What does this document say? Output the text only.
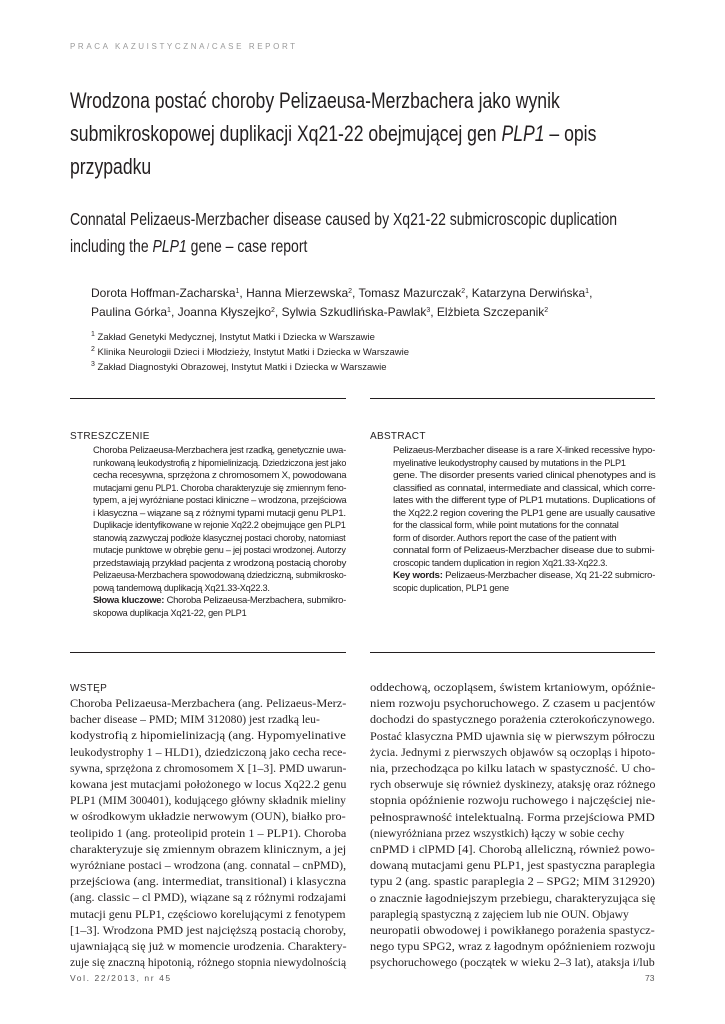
PRACA KAZUISTYCZNA/CASE REPORT
Wrodzona postać choroby Pelizaeusa-Merzbachera jako wynik
submikroskopowej duplikacji Xq21-22 obejmującej gen PLP1 – opis
przypadku
Connatal Pelizaeus-Merzbacher disease caused by Xq21-22 submicroscopic duplication
including the PLP1 gene – case report
Dorota Hoffman-Zacharska$^1$, Hanna Mierzewska$^2$, Tomasz Mazurczak$^2$, Katarzyna Derwińska$^1$,
Paulina Górka$^1$, Joanna Kłyszejko$^2$, Sylwia Szkudlińska-Pawlak$^3$, Elżbieta Szczepanik$^2$
$^1$ Zakład Genetyki Medycznej, Instytut Matki i Dziecka w Warszawie
$^2$ Klinika Neurologii Dzieci i Młodzieży, Instytut Matki i Dziecka w Warszawie
$^3$ Zakład Diagnostyki Obrazowej, Instytut Matki i Dziecka w Warszawie
STRESZCZENIE
Choroba Pelizaeusa-Merzbachera jest rzadką, genetycznie uwa-
runkowaną leukodystrofią z hipomielinizacją. Dziedziczona jest jako
cecha recesywna, sprzężona z chromosomem X, powodowana
mutacjami genu PLP1. Choroba charakteryzuje się zmiennym feno-
typem, a jej wyróżniane postaci kliniczne – wrodzona, przejściowa
i klasyczna – wiązane są z różnymi typami mutacji genu PLP1.
Duplikacje identyfikowane w rejonie Xq22.2 obejmujące gen PLP1
stanowią zazwyczaj podłoże klasycznej postaci choroby, natomiast
mutacje punktowe w obrębie genu – jej postaci wrodzonej. Autorzy
przedstawiają przykład pacjenta z wrodzoną postacią choroby
Pelizaeusa-Merzbachera spowodowaną dziedziczną, submikrosko-
pową tandemową duplikacją Xq21.33-Xq22.3.
Słowa kluczowe: Choroba Pelizaeusa-Merzbachera, submikro-
skopowa duplikacja Xq21-22, gen PLP1
ABSTRACT
Pelizaeus-Merzbacher disease is a rare X-linked recessive hypo-
myelinative leukodystrophy caused by mutations in the PLP1
gene. The disorder presents varied clinical phenotypes and is
classified as connatal, intermediate and classical, which corre-
lates with the different type of PLP1 mutations. Duplications of
the Xq22.2 region covering the PLP1 gene are usually causative
for the classical form, while point mutations for the connatal
form of disorder. Authors report the case of the patient with
connatal form of Pelizaeus-Merzbacher disease due to submi-
croscopic tandem duplication in region Xq21.33-Xq22.3.
Key words: Pelizaeus-Merzbacher disease, Xq 21-22 submicro-
scopic duplication, PLP1 gene
WSTĘP
Choroba Pelizaeusa-Merzbachera (ang. Pelizaeus-Merz-
bacher disease – PMD; MIM 312080) jest rzadką leu-
kodystrofią z hipomielinizacją (ang. Hypomyelinative
leukodystrophy 1 – HLD1), dziedziczoną jako cecha rece-
sywna, sprzężona z chromosomem X [1–3]. PMD uwarun-
kowana jest mutacjami położonego w locus Xq22.2 genu
PLP1 (MIM 300401), kodującego główny składnik mieliny
w ośrodkowym układzie nerwowym (OUN), białko pro-
teolipido 1 (ang. proteolipid protein 1 – PLP1). Choroba
charakteryzuje się zmiennym obrazem klinicznym, a jej
wyróżniane postaci – wrodzona (ang. connatal – cnPMD),
przejściowa (ang. intermediat, transitional) i klasyczna
(ang. classic – cl PMD), wiązane są z różnymi rodzajami
mutacji genu PLP1, częściowo korelującymi z fenotypem
[1–3]. Wrodzona PMD jest najcięższą postacią choroby,
ujawniającą się już w momencie urodzenia. Charaktery-
zuje się znaczną hipotonią, różnego stopnia niewydolnością
oddechową, oczopląsem, świstem krtaniowym, opóźnie-
niem rozwoju psychoruchowego. Z czasem u pacjentów
dochodzi do spastycznego porażenia czterokończynowego.
Postać klasyczna PMD ujawnia się w pierwszym półroczu
życia. Jednymi z pierwszych objawów są oczopląs i hipoto-
nia, przechodząca po kilku latach w spastyczność. U cho-
rych obserwuje się również dyskinezy, ataksję oraz różnego
stopnia opóźnienie rozwoju ruchowego i najczęściej nie-
pełnosprawność intelektualną. Forma przejściowa PMD
(niewyróżniana przez wszystkich) łączy w sobie cechy
cnPMD i clPMD [4]. Chorobą alleliczną, również powo-
dowaną mutacjami genu PLP1, jest spastyczna paraplegia
typu 2 (ang. spastic paraplegia 2 – SPG2; MIM 312920)
o znacznie łagodniejszym przebiegu, charakteryzująca się
paraplegią spastyczną z zajęciem lub nie OUN. Objawy
neuropatii obwodowej i powikłanego porażenia spastycz-
nego typu SPG2, wraz z łagodnym opóźnieniem rozwoju
psychoruchowego (początek w wieku 2–3 lat), ataksja i/lub
Vol. 22/2013, nr 45	73
